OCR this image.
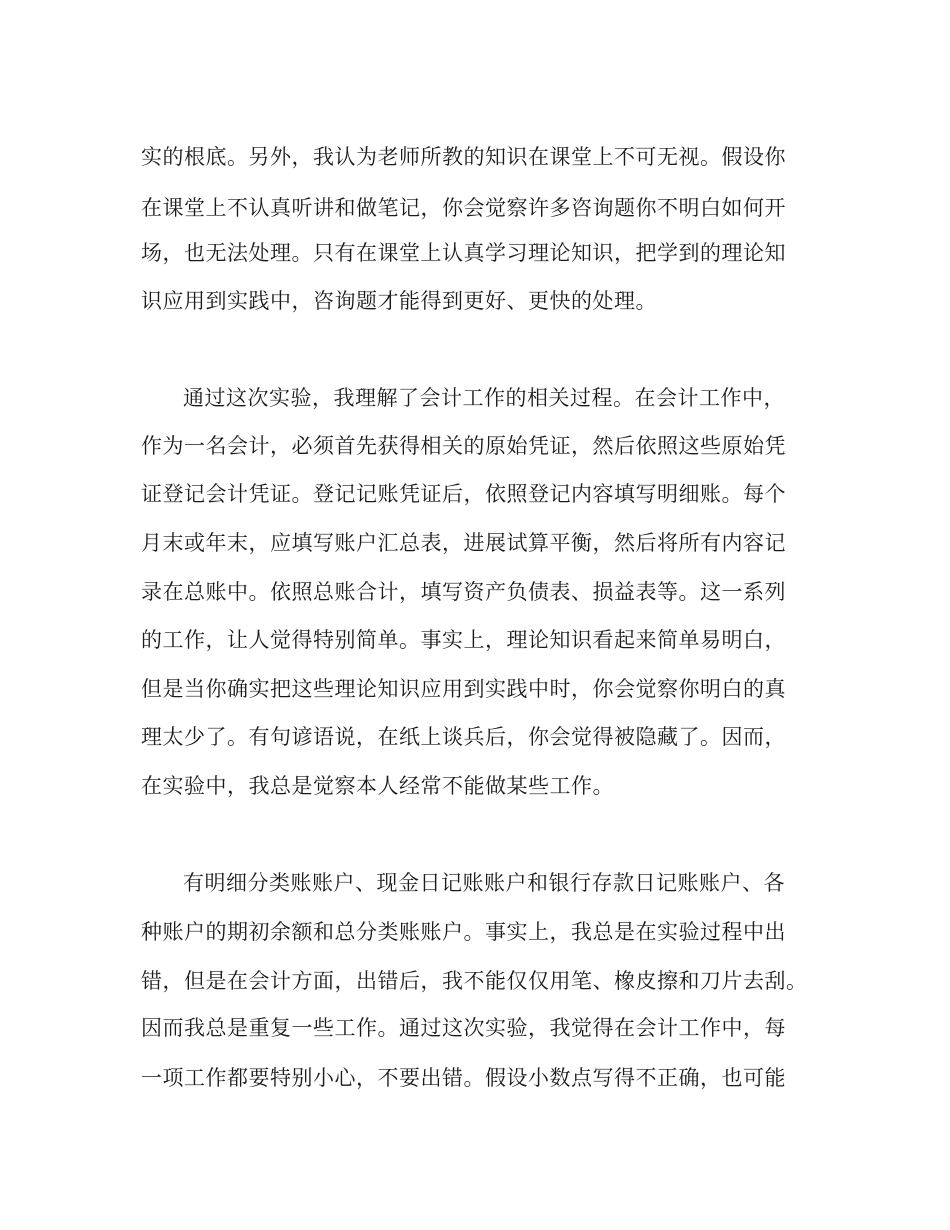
实的根底。另外，我认为老师所教的知识在课堂上不可无视。假设你

在课堂上不认真听讲和做笔记，你会觉察许多咨询题你不明白如何开

场，也无法处理。只有在课堂上认真学习理论知识，把学到的理论知

识应用到实践中，咨询题才能得到更好、更快的处理。

通过这次实验，我理解了会计工作的相关过程。在会计工作中，

作为一名会计，必须首先获得相关的原始凭证，然后依照这些原始凭

证登记会计凭证。登记记账凭证后，依照登记内容填写明细账。每个

月末或年末，应填写账户汇总表，进展试算平衡，然后将所有内容记

录在总账中。依照总账合计，填写资产负债表、损益表等。这一系列

的工作，让人觉得特别简单。事实上，理论知识看起来简单易明白，

但是当你确实把这些理论知识应用到实践中时，你会觉察你明白的真

理太少了。有句谚语说，在纸上谈兵后，你会觉得被隐藏了。因而，

在实验中，我总是觉察本人经常不能做某些工作。

有明细分类账账户、现金日记账账户和银行存款日记账账户、各

种账户的期初余额和总分类账账户。事实上，我总是在实验过程中出

错，但是在会计方面，出错后，我不能仅仅用笔、橡皮擦和刀片去刮。

因而我总是重复一些工作。通过这次实验，我觉得在会计工作中，每

一项工作都要特别小心，不要出错。假设小数点写得不正确，也可能
